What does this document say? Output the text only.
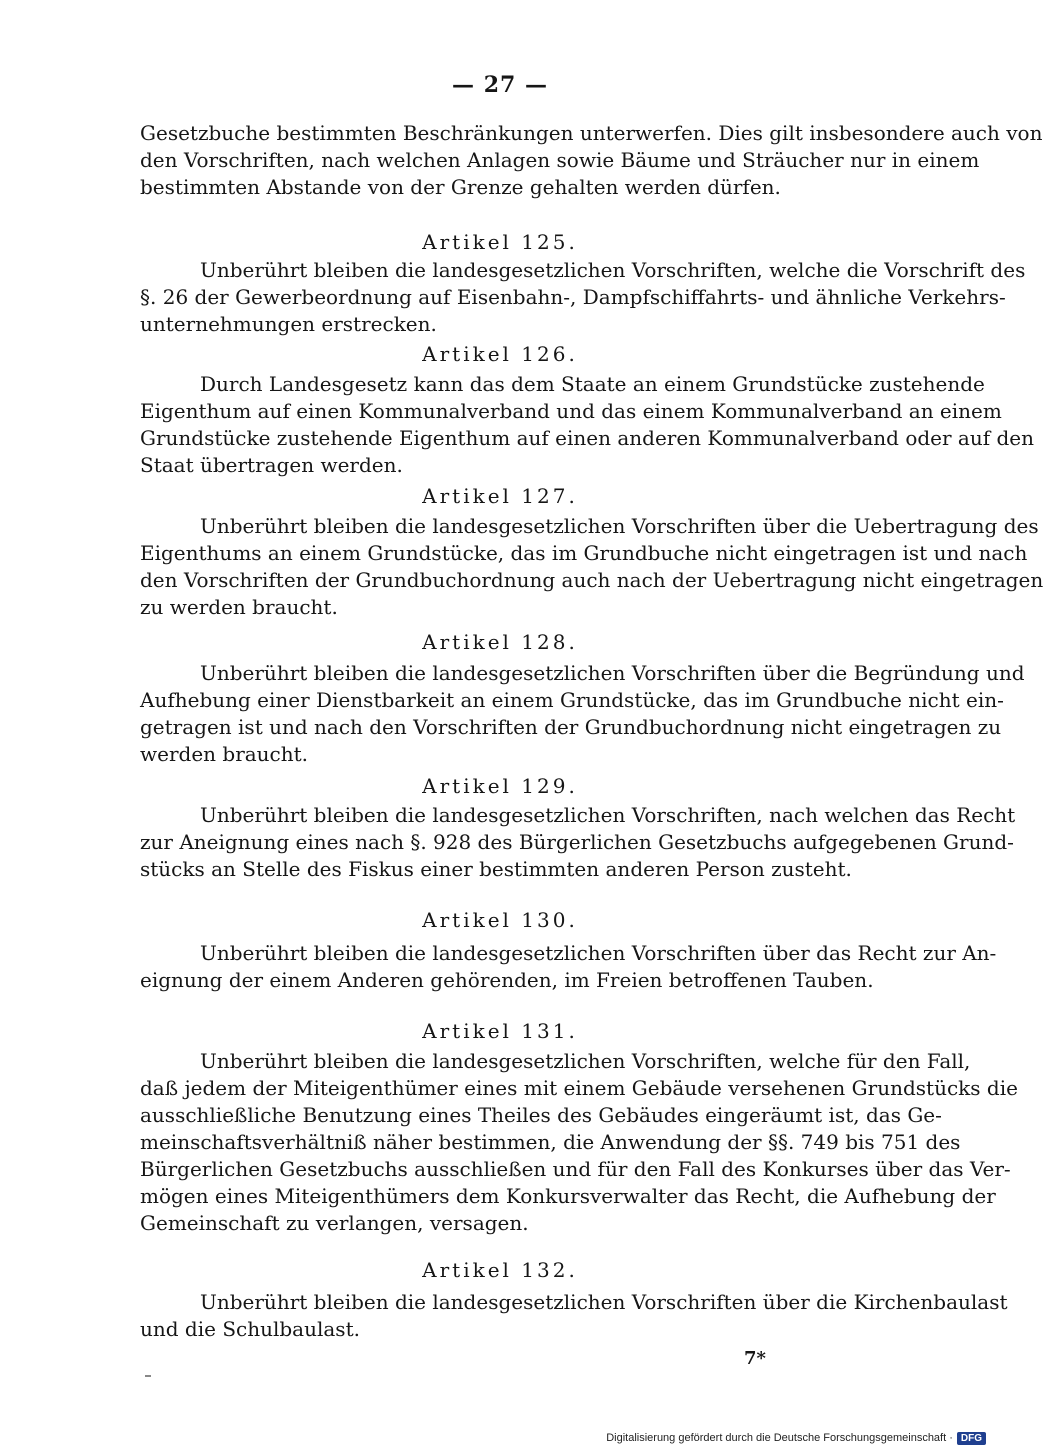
— 27 —
Gesetzbuche bestimmten Beschränkungen unterwerfen. Dies gilt insbesondere auch von
den Vorschriften, nach welchen Anlagen sowie Bäume und Sträucher nur in einem
bestimmten Abstande von der Grenze gehalten werden dürfen.
Artikel 125.
Unberührt bleiben die landesgesetzlichen Vorschriften, welche die Vorschrift des
§. 26 der Gewerbeordnung auf Eisenbahn-, Dampfschiffahrts- und ähnliche Verkehrs-
unternehmungen erstrecken.
Artikel 126.
Durch Landesgesetz kann das dem Staate an einem Grundstücke zustehende
Eigenthum auf einen Kommunalverband und das einem Kommunalverband an einem
Grundstücke zustehende Eigenthum auf einen anderen Kommunalverband oder auf den
Staat übertragen werden.
Artikel 127.
Unberührt bleiben die landesgesetzlichen Vorschriften über die Uebertragung des
Eigenthums an einem Grundstücke, das im Grundbuche nicht eingetragen ist und nach
den Vorschriften der Grundbuchordnung auch nach der Uebertragung nicht eingetragen
zu werden braucht.
Artikel 128.
Unberührt bleiben die landesgesetzlichen Vorschriften über die Begründung und
Aufhebung einer Dienstbarkeit an einem Grundstücke, das im Grundbuche nicht ein-
getragen ist und nach den Vorschriften der Grundbuchordnung nicht eingetragen zu
werden braucht.
Artikel 129.
Unberührt bleiben die landesgesetzlichen Vorschriften, nach welchen das Recht
zur Aneignung eines nach §. 928 des Bürgerlichen Gesetzbuchs aufgegebenen Grund-
stücks an Stelle des Fiskus einer bestimmten anderen Person zusteht.
Artikel 130.
Unberührt bleiben die landesgesetzlichen Vorschriften über das Recht zur An-
eignung der einem Anderen gehörenden, im Freien betroffenen Tauben.
Artikel 131.
Unberührt bleiben die landesgesetzlichen Vorschriften, welche für den Fall,
daß jedem der Miteigenthümer eines mit einem Gebäude versehenen Grundstücks die
ausschließliche Benutzung eines Theiles des Gebäudes eingeräumt ist, das Ge-
meinschaftsverhältniß näher bestimmen, die Anwendung der §§. 749 bis 751 des
Bürgerlichen Gesetzbuchs ausschließen und für den Fall des Konkurses über das Ver-
mögen eines Miteigenthümers dem Konkursverwalter das Recht, die Aufhebung der
Gemeinschaft zu verlangen, versagen.
Artikel 132.
Unberührt bleiben die landesgesetzlichen Vorschriften über die Kirchenbaulast
und die Schulbaulast.
7*
Digitalisierung gefördert durch die Deutsche Forschungsgemeinschaft · DFG
